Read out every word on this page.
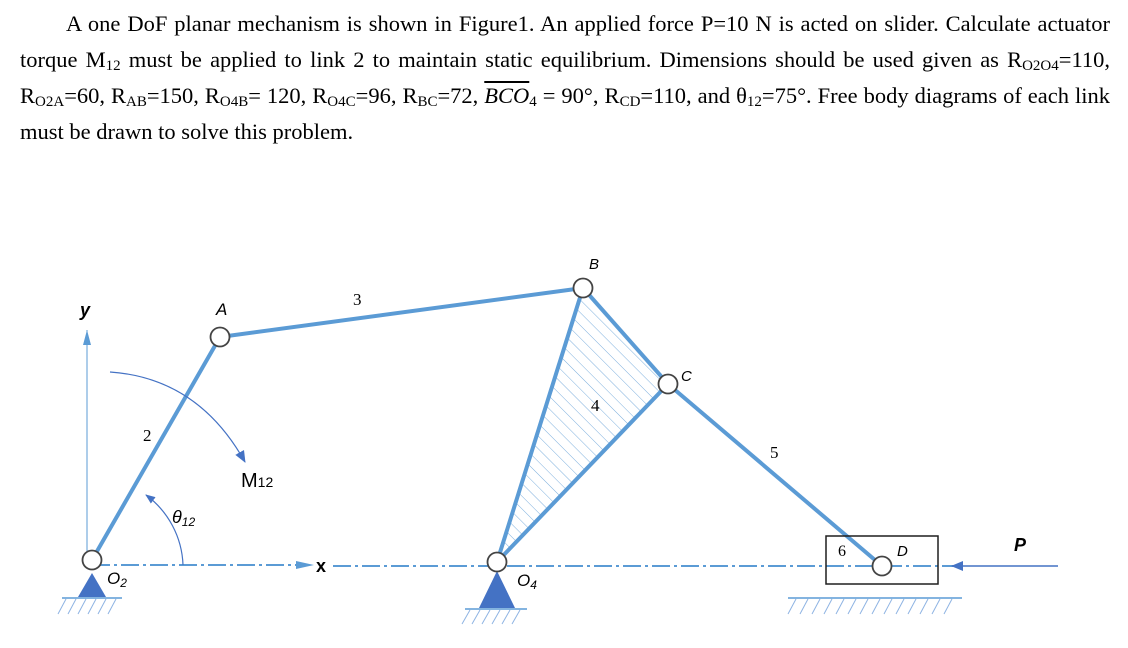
A one DoF planar mechanism is shown in Figure1. An applied force P=10 N is acted on slider. Calculate actuator torque $M_{12}$ must be applied to link 2 to maintain static equilibrium. Dimensions should be used given as $R_{O2O4}=110$, $R_{O2A}=60$, $R_{AB}=150$, $R_{O4B}= 120$, $R_{O4C}=96$, $R_{BC}=72$, $\overline{BCO}_4 = 90^\circ$, $R_{CD}=110$, and $\theta_{12}=75^\circ$. Free body diagrams of each link must be drawn to solve this problem.

y
x
θ12
M12
P
A
B
C
D
O2	O4
2
3
4
5
6
